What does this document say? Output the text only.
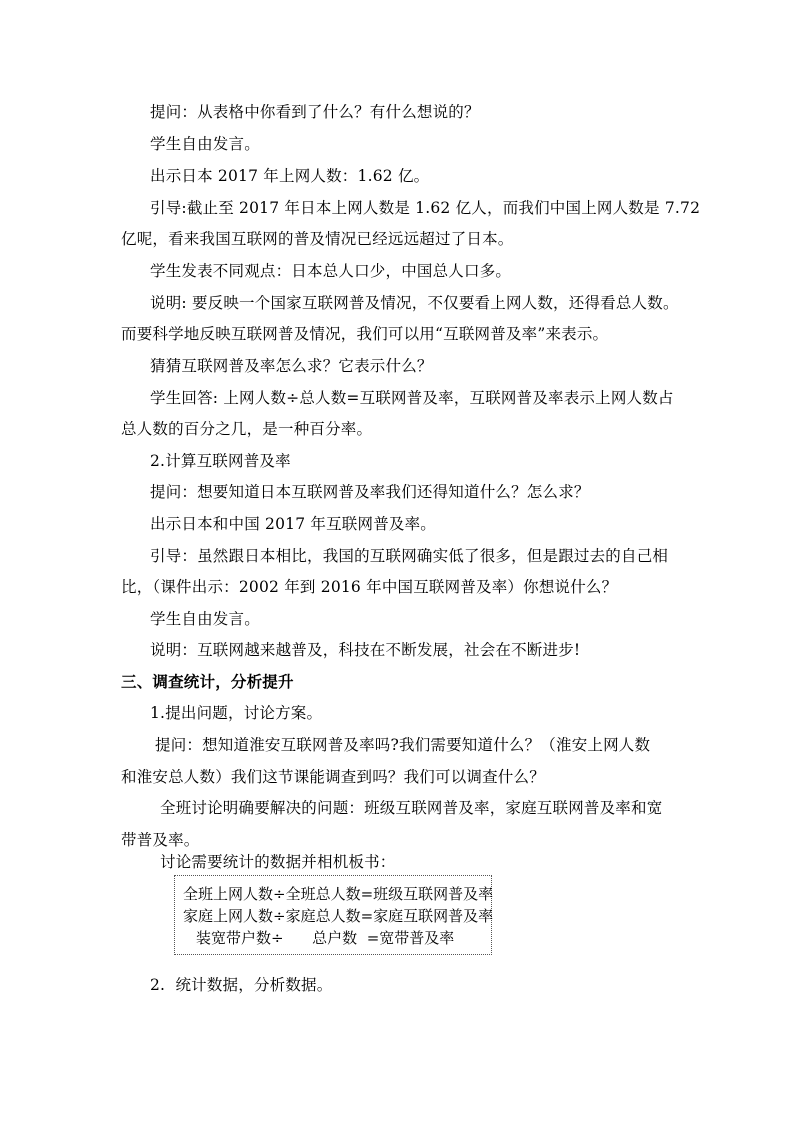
提问：从表格中你看到了什么？有什么想说的？

学生自由发言。

出示日本 2017 年上网人数：1.62 亿。

引导:截止至 2017 年日本上网人数是 1.62 亿人，而我们中国上网人数是 7.72

亿呢，看来我国互联网的普及情况已经远远超过了日本。

学生发表不同观点：日本总人口少，中国总人口多。

说明: 要反映一个国家互联网普及情况，不仅要看上网人数，还得看总人数。

而要科学地反映互联网普及情况，我们可以用“互联网普及率”来表示。

猜猜互联网普及率怎么求？它表示什么？

学生回答: 上网人数÷总人数=互联网普及率，互联网普及率表示上网人数占

总人数的百分之几，是一种百分率。

2.计算互联网普及率

提问：想要知道日本互联网普及率我们还得知道什么？怎么求？

出示日本和中国 2017 年互联网普及率。

引导：虽然跟日本相比，我国的互联网确实低了很多，但是跟过去的自己相

比，（课件出示：2002 年到 2016 年中国互联网普及率）你想说什么？

学生自由发言。

说明：互联网越来越普及，科技在不断发展，社会在不断进步!

三、调查统计，分析提升

1.提出问题，讨论方案。

提问：想知道淮安互联网普及率吗?我们需要知道什么？（淮安上网人数

和淮安总人数）我们这节课能调查到吗？我们可以调查什么？

全班讨论明确要解决的问题：班级互联网普及率，家庭互联网普及率和宽

带普及率。

讨论需要统计的数据并相机板书：

全班上网人数÷全班总人数=班级互联网普及率

家庭上网人数÷家庭总人数=家庭互联网普及率

装宽带户数÷      总户数  =宽带普及率

2.  统计数据，分析数据。
